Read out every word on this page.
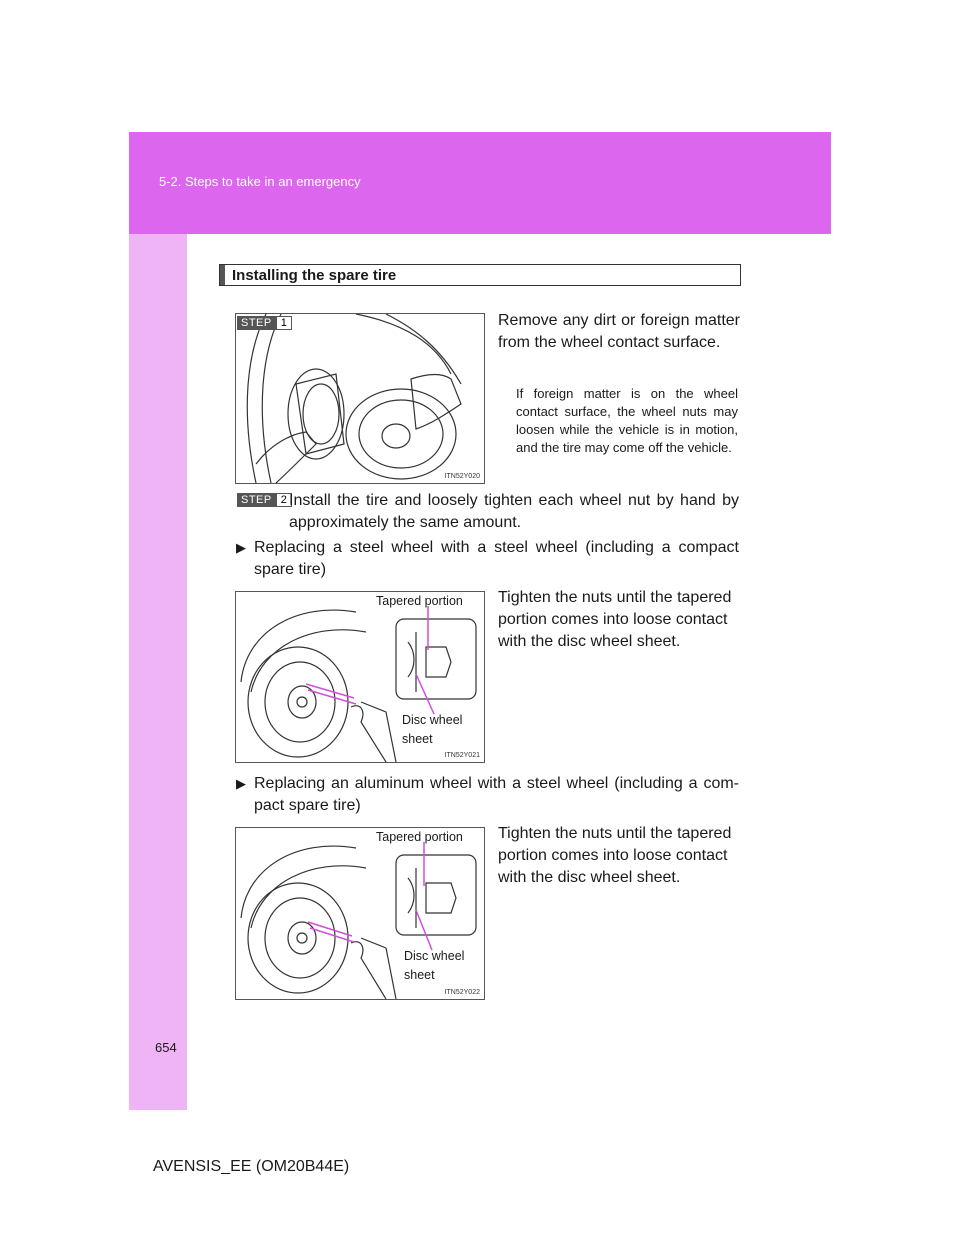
5-2. Steps to take in an emergency
Installing the spare tire
ITN52Y020
STEP 1	Remove any dirt or foreign matter from the wheel contact surface.
If foreign matter is on the wheel contact surface, the wheel nuts may loosen while the vehicle is in motion, and the tire may come off the vehicle.
STEP 2 Install the tire and loosely tighten each wheel nut by hand by approximately the same amount.
▶ Replacing a steel wheel with a steel wheel (including a compact spare tire)
ITN52Y021
Tapered portion
Disc wheel
sheet
Tighten the nuts until the tapered portion comes into loose contact with the disc wheel sheet.
▶ Replacing an aluminum wheel with a steel wheel (including a compact spare tire)
ITN52Y022
Tapered portion
Disc wheel
sheet
Tighten the nuts until the tapered portion comes into loose contact with the disc wheel sheet.
654
AVENSIS_EE (OM20B44E)
